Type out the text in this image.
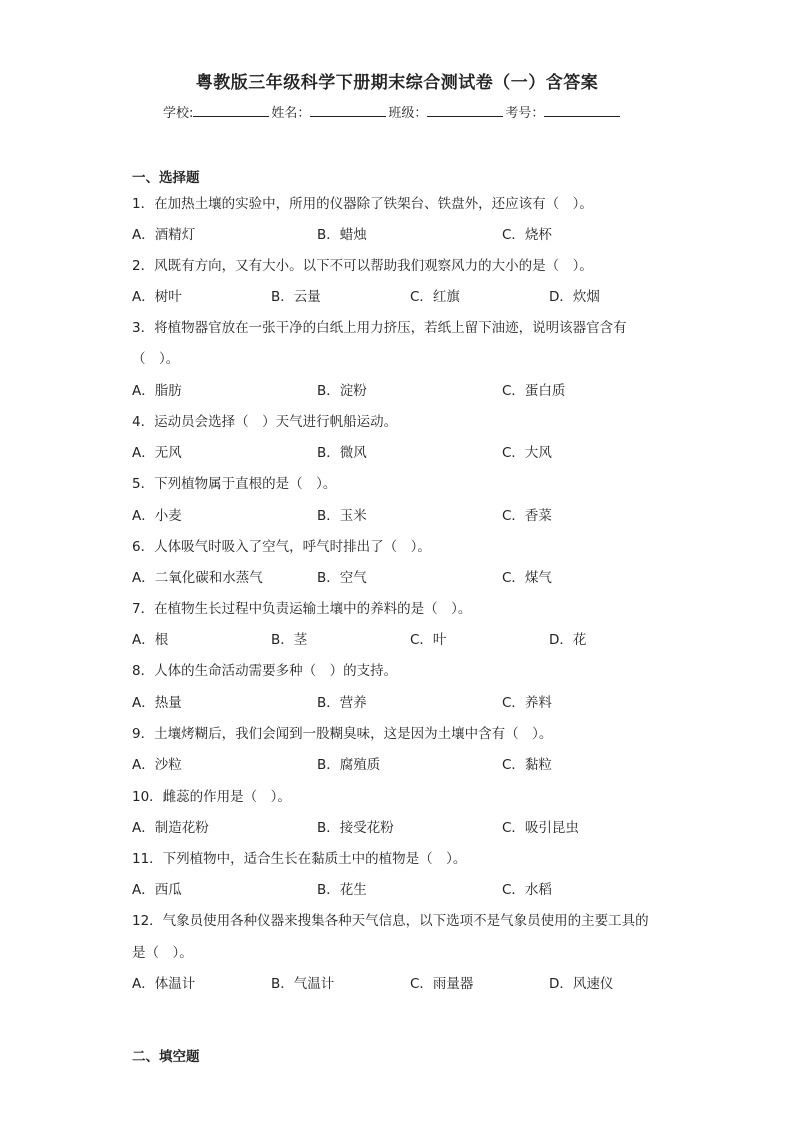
粤教版三年级科学下册期末综合测试卷（一）含答案
学校:	姓名：	班级：	考号：
一、选择题
1．在加热土壤的实验中，所用的仪器除了铁架台、铁盘外，还应该有（　）。
A．酒精灯	B．蜡烛	C．烧杯
2．风既有方向，又有大小。以下不可以帮助我们观察风力的大小的是（　）。
A．树叶	B．云量	C．红旗	D．炊烟
3．将植物器官放在一张干净的白纸上用力挤压，若纸上留下油迹，说明该器官含有
（　）。
A．脂肪	B．淀粉	C．蛋白质
4．运动员会选择（　）天气进行帆船运动。
A．无风	B．微风	C．大风
5．下列植物属于直根的是（　）。
A．小麦	B．玉米	C．香菜
6．人体吸气时吸入了空气，呼气时排出了（　）。
A．二氧化碳和水蒸气	B．空气	C．煤气
7．在植物生长过程中负责运输土壤中的养料的是（　）。
A．根	B．茎	C．叶	D．花
8．人体的生命活动需要多种（　）的支持。
A．热量	B．营养	C．养料
9．土壤烤糊后，我们会闻到一股糊臭味，这是因为土壤中含有（　）。
A．沙粒	B．腐殖质	C．黏粒
10．雌蕊的作用是（　）。
A．制造花粉	B．接受花粉	C．吸引昆虫
11．下列植物中，适合生长在黏质土中的植物是（　）。
A．西瓜	B．花生	C．水稻
12．气象员使用各种仪器来搜集各种天气信息，以下选项不是气象员使用的主要工具的
是（　）。
A．体温计	B．气温计	C．雨量器	D．风速仪
二、填空题
